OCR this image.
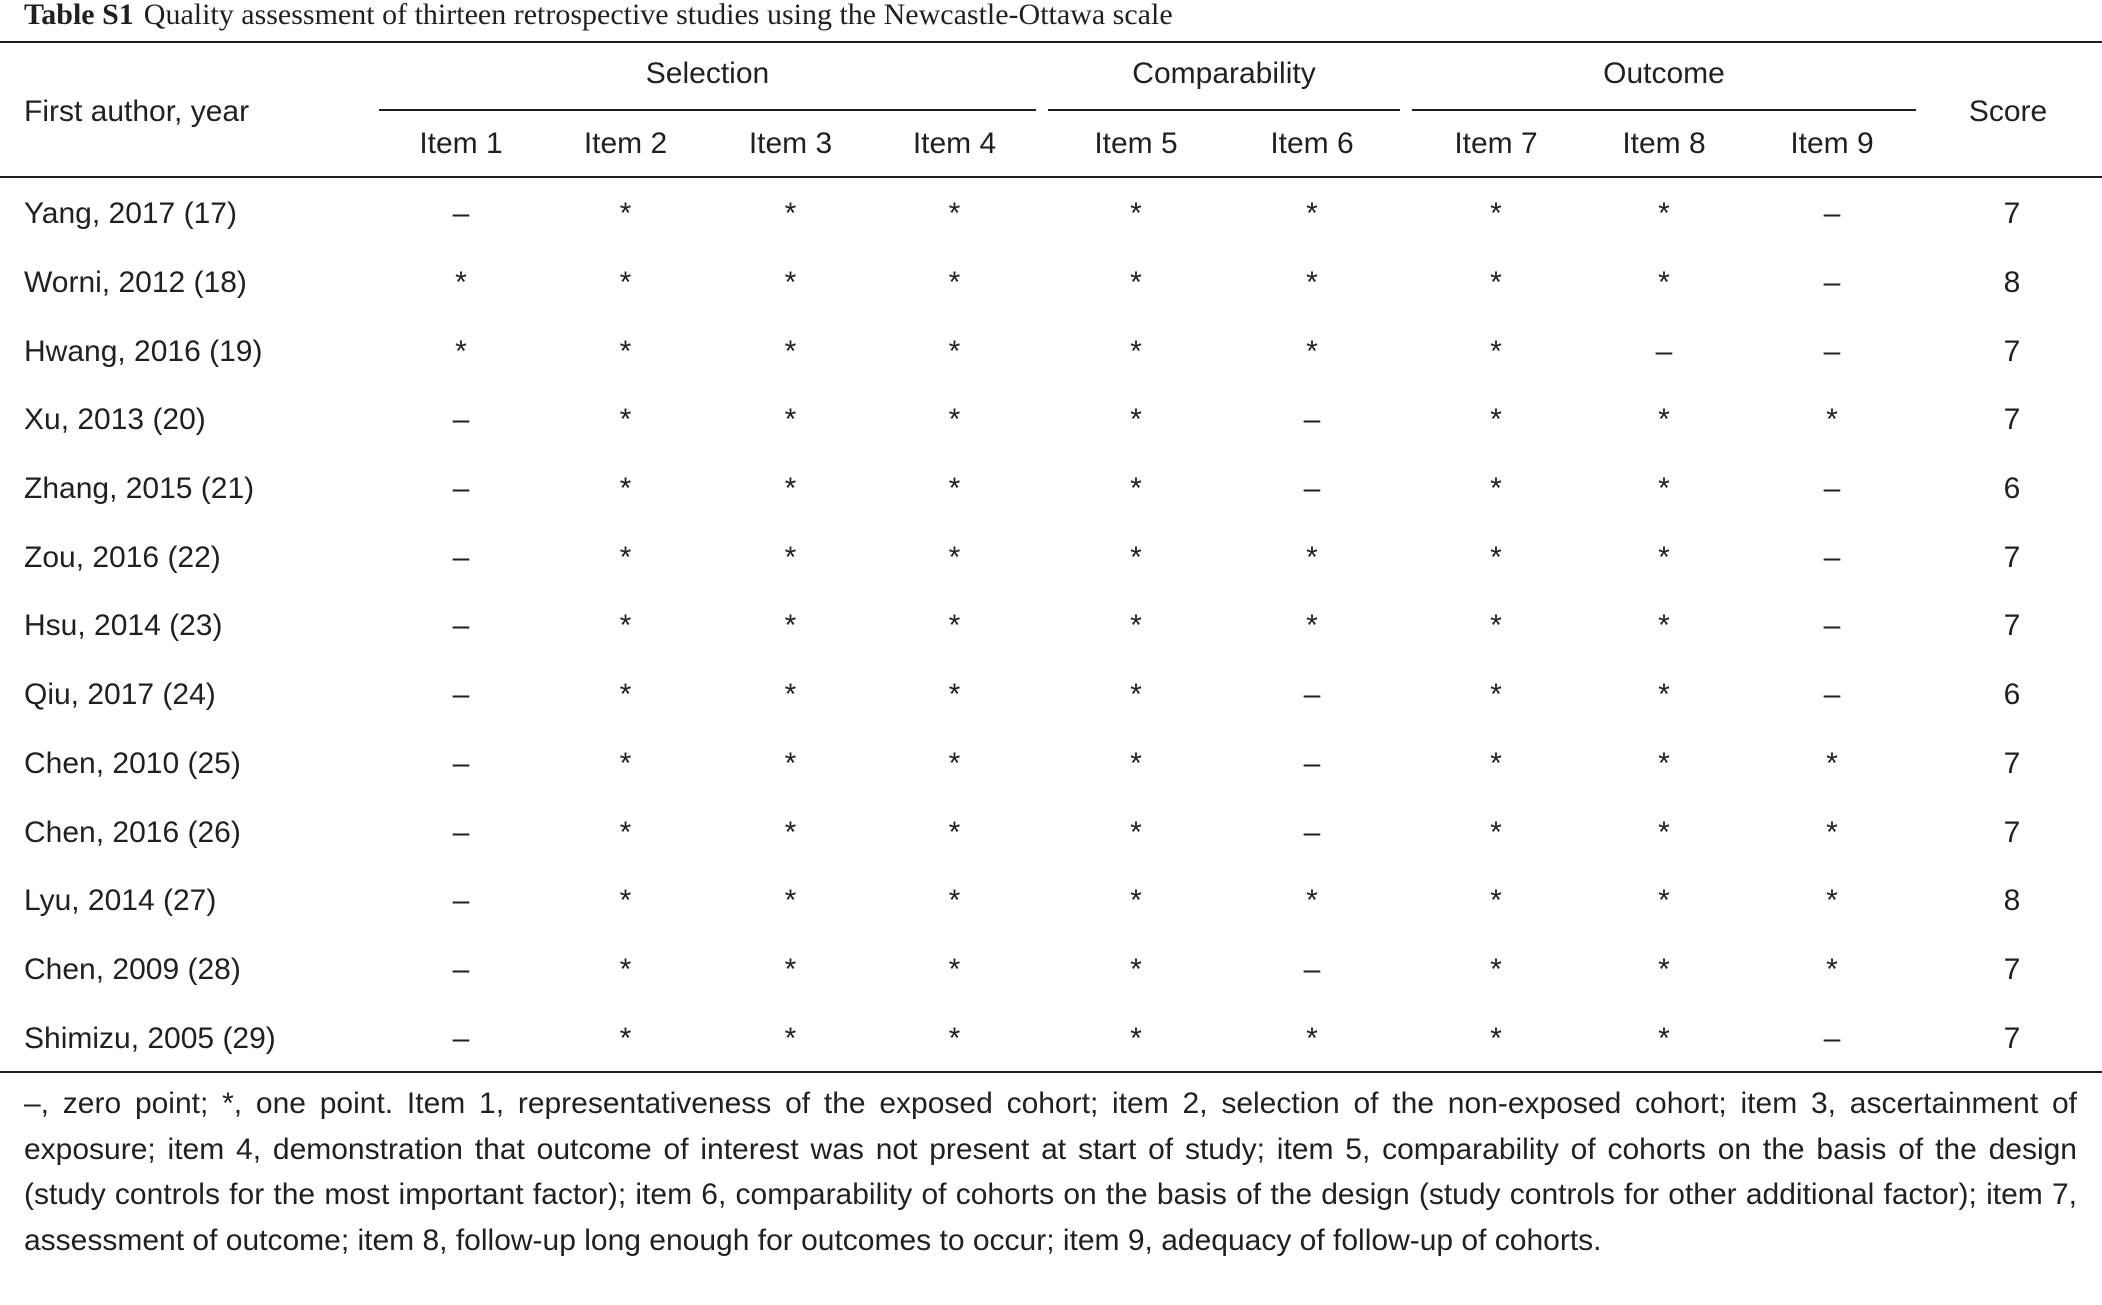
Table S1 Quality assessment of thirteen retrospective studies using the Newcastle-Ottawa scale
First author, year
Selection	Comparability	Outcome
Score
Item 1	Item 2	Item 3	Item 4	Item 5	Item 6	Item 7	Item 8	Item 9
Yang, 2017 (17)	–	*	*	*		*	*		*	*	–		7
Worni, 2012 (18)	*	*	*	*		*	*		*	*	–		8
Hwang, 2016 (19)	*	*	*	*		*	*		*	–	–		7
Xu, 2013 (20)	–	*	*	*		*	–		*	*	*		7
Zhang, 2015 (21)	–	*	*	*		*	–		*	*	–		6
Zou, 2016 (22)	–	*	*	*		*	*		*	*	–		7
Hsu, 2014 (23)	–	*	*	*		*	*		*	*	–		7
Qiu, 2017 (24)	–	*	*	*		*	–		*	*	–		6
Chen, 2010 (25)	–	*	*	*		*	–		*	*	*		7
Chen, 2016 (26)	–	*	*	*		*	–		*	*	*		7
Lyu, 2014 (27)	–	*	*	*		*	*		*	*	*		8
Chen, 2009 (28)	–	*	*	*		*	–		*	*	*		7
Shimizu, 2005 (29)	–	*	*	*		*	*		*	*	–		7
–, zero point; *, one point. Item 1, representativeness of the exposed cohort; item 2, selection of the non-exposed cohort; item 3, ascertainment of exposure; item 4, demonstration that outcome of interest was not present at start of study; item 5, comparability of cohorts on the basis of the design (study controls for the most important factor); item 6, comparability of cohorts on the basis of the design (study controls for other additional factor); item 7, assessment of outcome; item 8, follow-up long enough for outcomes to occur; item 9, adequacy of follow-up of cohorts.
